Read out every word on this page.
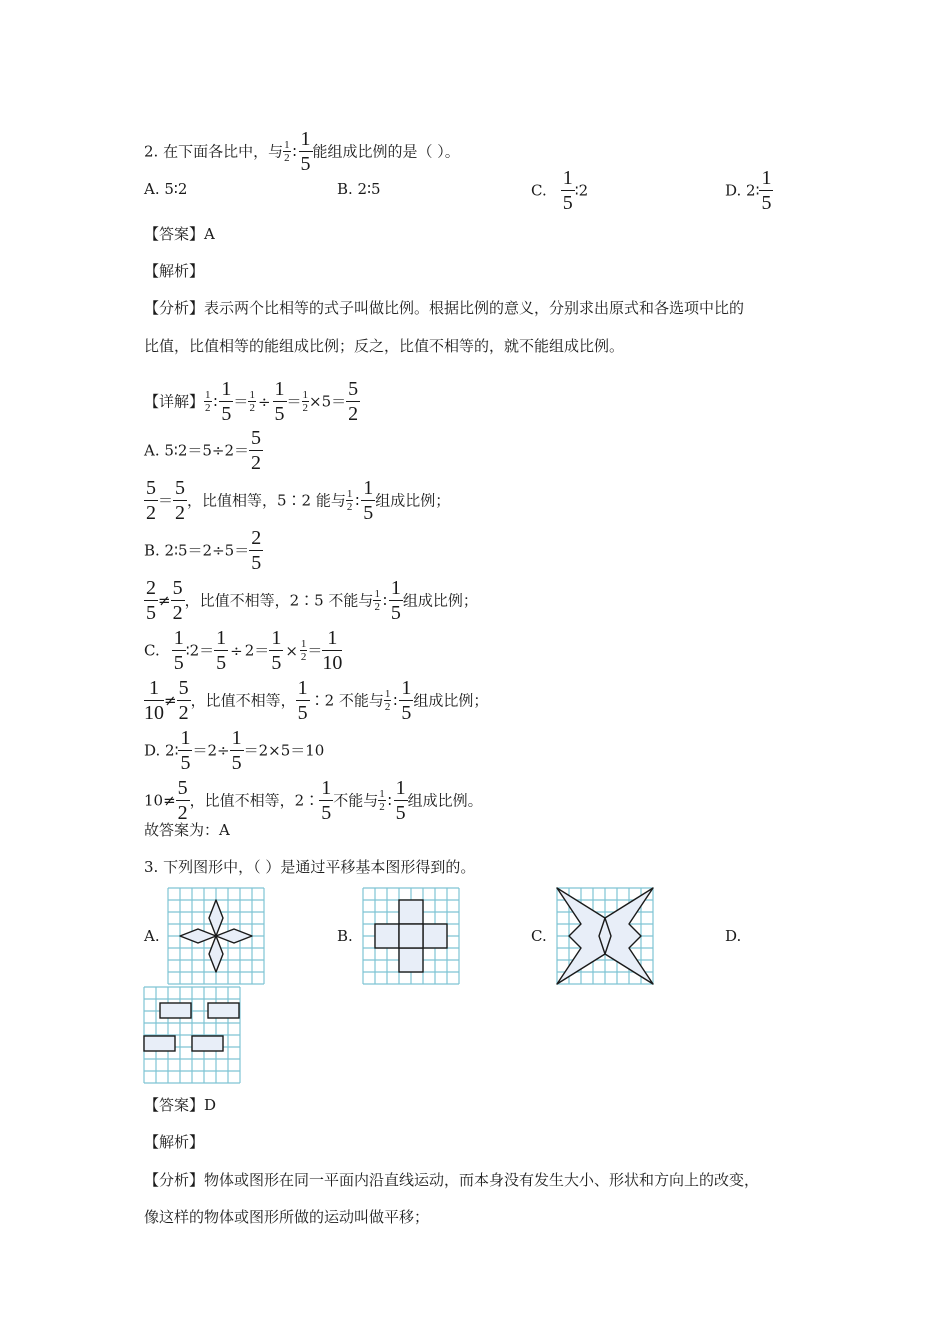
2. 在下面各比中，与 $\frac{1}{2}$ ∶ $\frac{1}{5}$ 能组成比例的是（ ）。
A. 5∶2	B. 2∶5	C. $\frac{1}{5}$ ∶2	D. 2∶ $\frac{1}{5}$
【答案】A
【解析】
【分析】表示两个比相等的式子叫做比例。根据比例的意义，分别求出原式和各选项中比的
比值，比值相等的能组成比例；反之，比值不相等的，就不能组成比例。
【详解】 $\frac{1}{2}$ ∶ $\frac{1}{5} = \frac{1}{2} \div \frac{1}{5} = \frac{1}{2} \times 5= \frac{5}{2}$
A. 5∶2＝5÷2＝ $\frac{5}{2}$
$\frac{5}{2} = \frac{5}{2}$ ，比值相等，5∶2 能与 $\frac{1}{2}$ ∶ $\frac{1}{5}$ 组成比例；
B. 2∶5＝2÷5＝ $\frac{2}{5}$
$\frac{2}{5} \ne \frac{5}{2}$ ，比值不相等，2∶5 不能与 $\frac{1}{2}$ ∶ $\frac{1}{5}$ 组成比例；
C. $\frac{1}{5}$ ∶2＝ $\frac{1}{5} \div 2= \frac{1}{5} \times \frac{1}{2} = \frac{1}{10}$
$\frac{1}{10} \ne \frac{5}{2}$ ，比值不相等， $\frac{1}{5}$ ∶2 不能与 $\frac{1}{2}$ ∶ $\frac{1}{5}$ 组成比例；
D. 2∶ $\frac{1}{5} =2\div \frac{1}{5} =2\times 5=10$
$10\ne \frac{5}{2}$ ，比值不相等，2∶ $\frac{1}{5}$ 不能与 $\frac{1}{2}$ ∶ $\frac{1}{5}$ 组成比例。
故答案为：A
3. 下列图形中，（ ）是通过平移基本图形得到的。
A.	B.	C.	D.
【答案】D
【解析】
【分析】物体或图形在同一平面内沿直线运动，而本身没有发生大小、形状和方向上的改变，
像这样的物体或图形所做的运动叫做平移；
